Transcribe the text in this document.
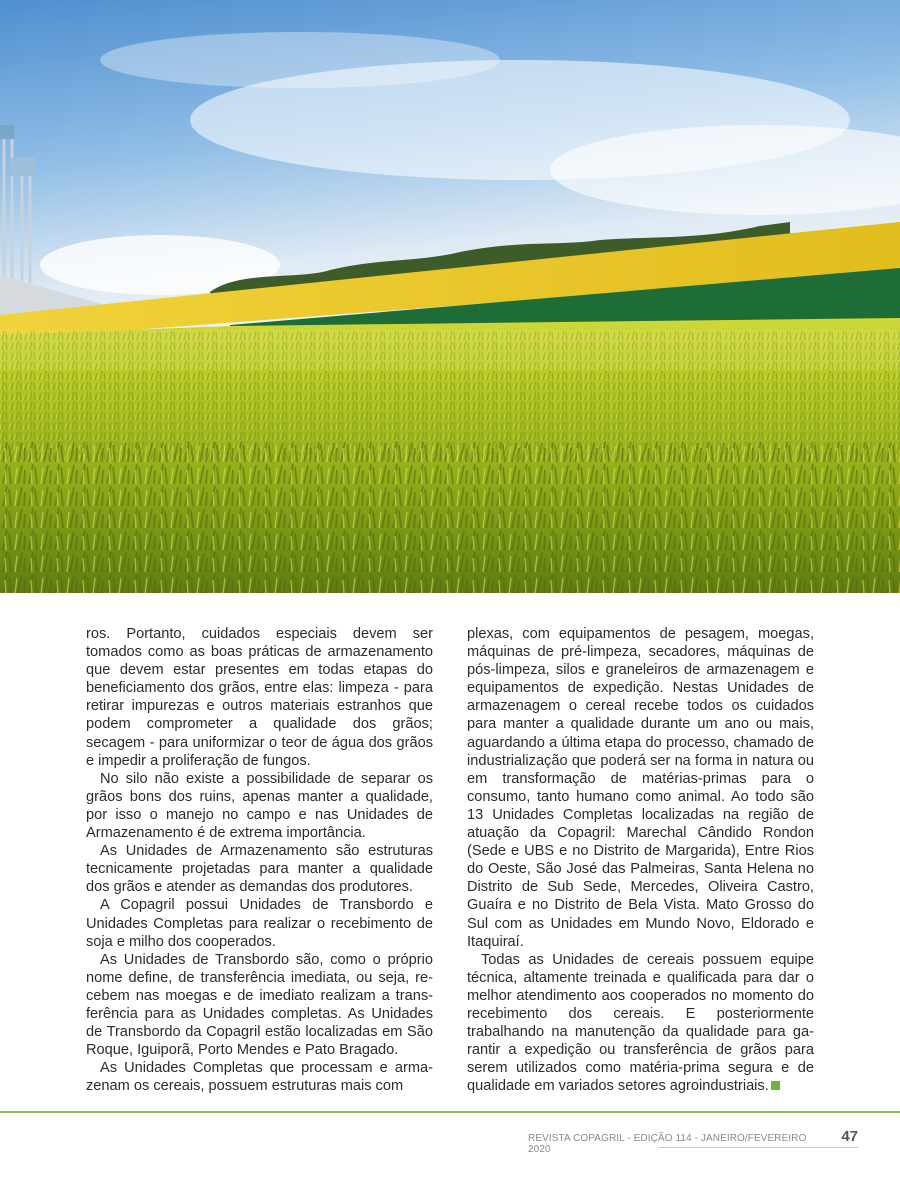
ros. Portanto, cuidados especiais devem ser tomados como as boas práticas de armazenamento que devem estar presentes em todas etapas do beneficiamento dos grãos, entre elas: limpeza - para retirar impurezas e outros materiais estranhos que podem comprometer a qualidade dos grãos; secagem - para uniformizar o teor de água dos grãos e impedir a proliferação de fungos.

No silo não existe a possibilidade de separar os grãos bons dos ruins, apenas manter a qualidade, por isso o manejo no campo e nas Unidades de Armazenamento é de extrema importância.

As Unidades de Armazenamento são estruturas tecnicamente projetadas para manter a qualidade dos grãos e atender as demandas dos produtores.

A Copagril possui Unidades de Transbordo e Unidades Completas para realizar o recebimento de soja e milho dos cooperados.

As Unidades de Transbordo são, como o próprio nome define, de transferência imediata, ou seja, recebem nas moegas e de imediato realizam a transferência para as Unidades completas. As Unidades de Transbordo da Copagril estão localizadas em São Roque, Iguiporã, Porto Mendes e Pato Bragado.

As Unidades Completas que processam e armazenam os cereais, possuem estruturas mais com

plexas, com equipamentos de pesagem, moegas, máquinas de pré-limpeza, secadores, máquinas de pós-limpeza, silos e graneleiros de armazenagem e equipamentos de expedição. Nestas Unidades de armazenagem o cereal recebe todos os cuidados para manter a qualidade durante um ano ou mais, aguardando a última etapa do processo, chamado de industrialização que poderá ser na forma in natura ou em transformação de matérias-primas para o consumo, tanto humano como animal. Ao todo são 13 Unidades Completas localizadas na região de atuação da Copagril: Marechal Cândido Rondon (Sede e UBS e no Distrito de Margarida), Entre Rios do Oeste, São José das Palmeiras, Santa Helena no Distrito de Sub Sede, Mercedes, Oliveira Castro, Guaíra e no Distrito de Bela Vista. Mato Grosso do Sul com as Unidades em Mundo Novo, Eldorado e Itaquiraí.

Todas as Unidades de cereais possuem equipe técnica, altamente treinada e qualificada para dar o melhor atendimento aos cooperados no momento do recebimento dos cereais. E posteriormente trabalhando na manutenção da qualidade para garantir a expedição ou transferência de grãos para serem utilizados como matéria-prima segura e de qualidade em variados setores agroindustriais.

REVISTA COPAGRIL - EDIÇÃO 114 - JANEIRO/FEVEREIRO 2020
47
